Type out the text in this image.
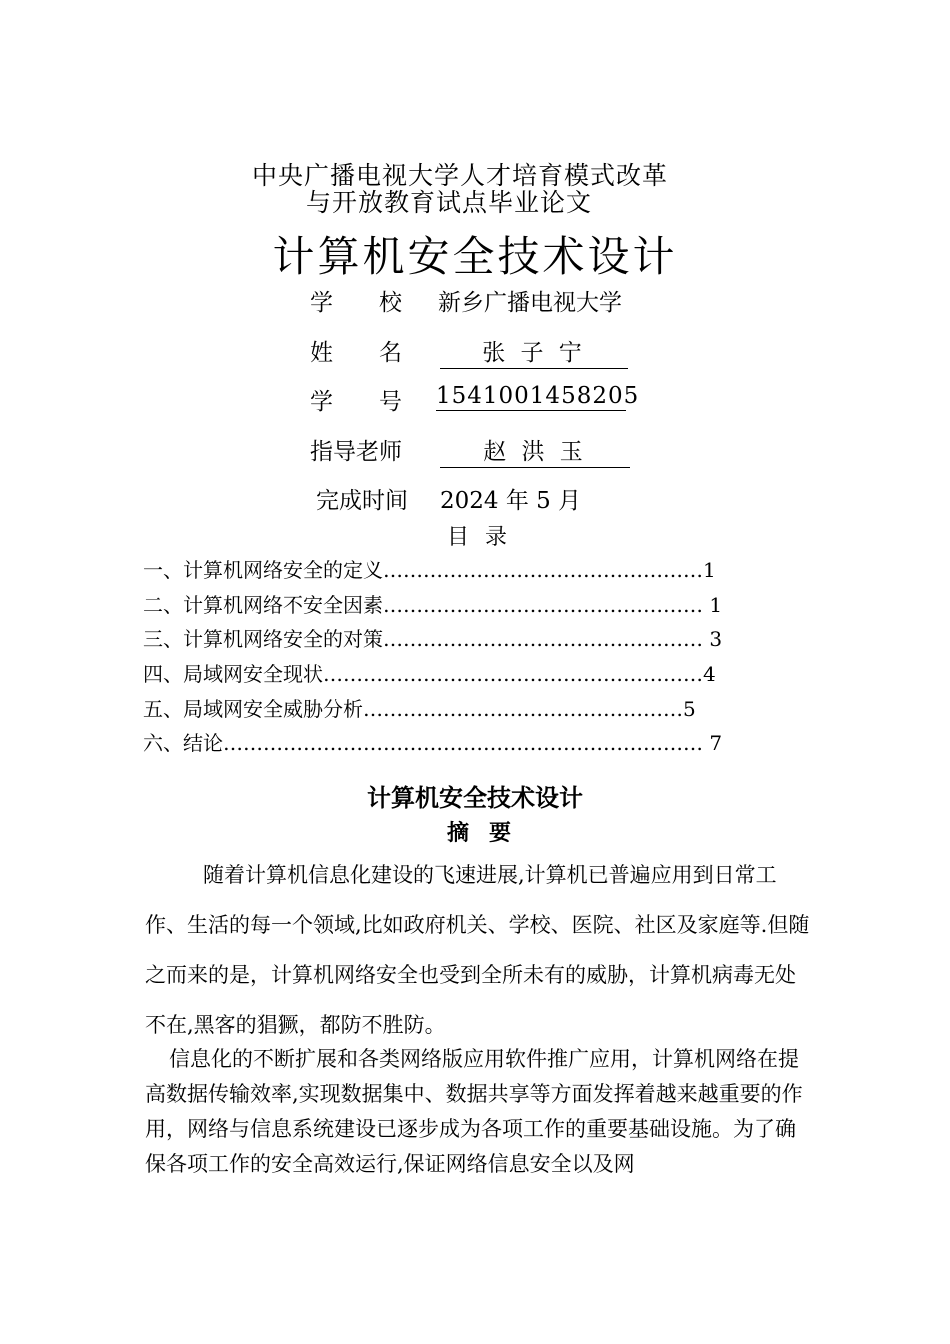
中央广播电视大学人才培育模式改革
与开放教育试点毕业论文
计算机安全技术设计
学　　校 新乡广播电视大学
姓　　名	张 子 宁
学　　号 1541001458205
指导老师	赵 洪 玉
完成时间 2024 年 5 月
目录
一、计算机网络安全的定义…………………………………………1
二、计算机网络不安全因素………………………………………… 1
三、计算机网络安全的对策………………………………………… 3
四、局域网安全现状…………………………………………………4
五、局域网安全威胁分析…………………………………………5
六、结论……………………………………………………………… 7
计算机安全技术设计
摘要

随着计算机信息化建设的飞速进展,计算机已普遍应用到日常工作、生活的每一个领域,比如政府机关、学校、医院、社区及家庭等.但随之而来的是，计算机网络安全也受到全所未有的威胁，计算机病毒无处不在,黑客的猖獗，都防不胜防。

信息化的不断扩展和各类网络版应用软件推广应用，计算机网络在提高数据传输效率,实现数据集中、数据共享等方面发挥着越来越重要的作用，网络与信息系统建设已逐步成为各项工作的重要基础设施。为了确保各项工作的安全高效运行,保证网络信息安全以及网
